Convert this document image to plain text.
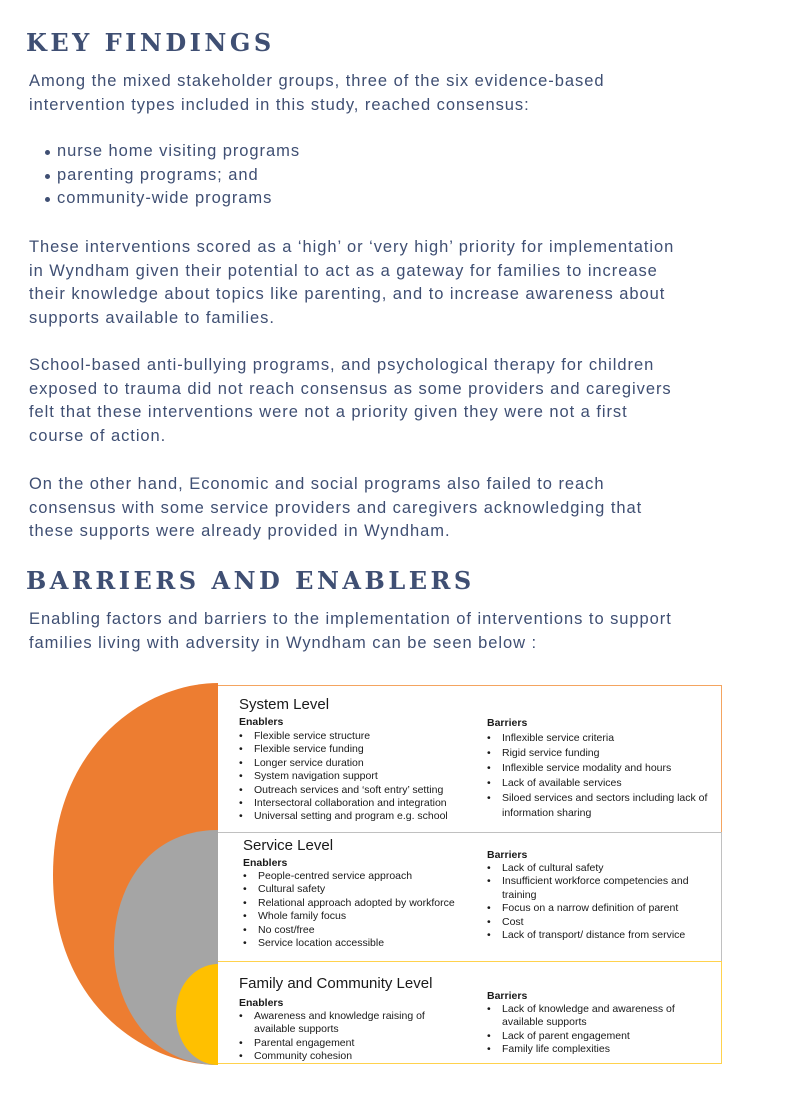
KEY FINDINGS

Among the mixed stakeholder groups, three of the six evidence-based
intervention types included in this study, reached consensus:

nurse home visiting programs
parenting programs; and
community-wide programs

These interventions scored as a ‘high’ or ‘very high’ priority for implementation
in Wyndham given their potential to act as a gateway for families to increase
their knowledge about topics like parenting, and to increase awareness about
supports available to families.

School-based anti-bullying programs, and psychological therapy for children
exposed to trauma did not reach consensus as some providers and caregivers
felt that these interventions were not a priority given they were not a first
course of action.

On the other hand, Economic and social programs also failed to reach
consensus with some service providers and caregivers acknowledging that
these supports were already provided in Wyndham.

BARRIERS AND ENABLERS

Enabling factors and barriers to the implementation of interventions to support
families living with adversity in Wyndham can be seen below :

System Level
Enablers
• Flexible service structure
• Flexible service funding
• Longer service duration
• System navigation support
• Outreach services and ‘soft entry’ setting
• Intersectoral collaboration and integration
• Universal setting and program e.g. school
Barriers
• Inflexible service criteria
• Rigid service funding
• Inflexible service modality and hours
• Lack of available services
• Siloed services and sectors including lack of information sharing
Service Level
Enablers
• People-centred service approach
• Cultural safety
• Relational approach adopted by workforce
• Whole family focus
• No cost/free
• Service location accessible
Barriers
• Lack of cultural safety
• Insufficient workforce competencies and training
• Focus on a narrow definition of parent
• Cost
• Lack of transport/ distance from service
Family and Community Level
Enablers
• Awareness and knowledge raising of available supports
• Parental engagement
• Community cohesion
Barriers
• Lack of knowledge and awareness of available supports
• Lack of parent engagement
• Family life complexities
